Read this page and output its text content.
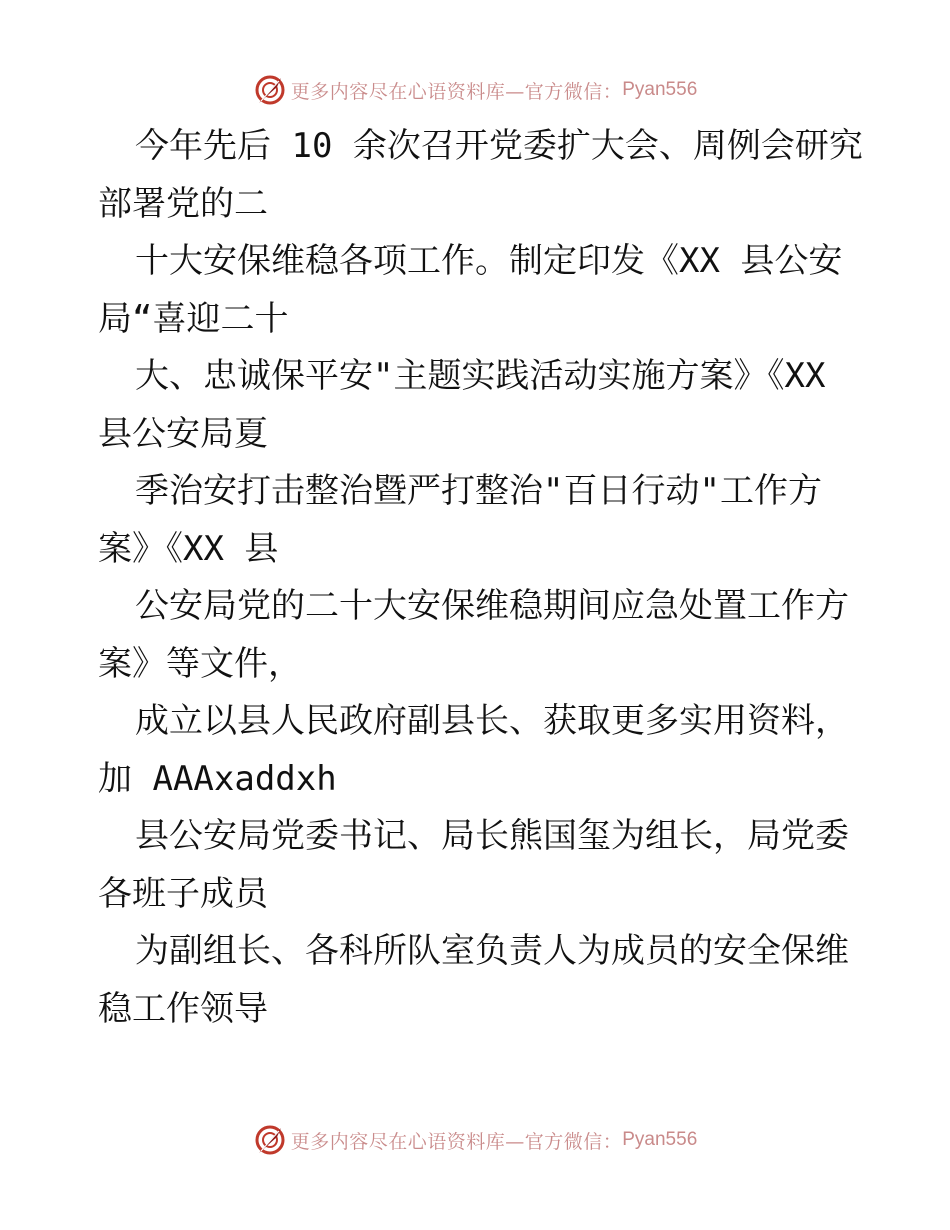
更多内容尽在心语资料库—官方微信： Pyan556
今年先后 10 余次召开党委扩大会、周例会研究
部署党的二
十大安保维稳各项工作。制定印发《XX 县公安
局“喜迎二十
大、忠诚保平安"主题实践活动实施方案》《XX
县公安局夏
季治安打击整治暨严打整治"百日行动"工作方
案》《XX 县
公安局党的二十大安保维稳期间应急处置工作方
案》等文件，
成立以县人民政府副县长、获取更多实用资料，
加 AAAxaddxh
县公安局党委书记、局长熊国玺为组长，局党委
各班子成员
为副组长、各科所队室负责人为成员的安全保维
稳工作领导
更多内容尽在心语资料库—官方微信： Pyan556
